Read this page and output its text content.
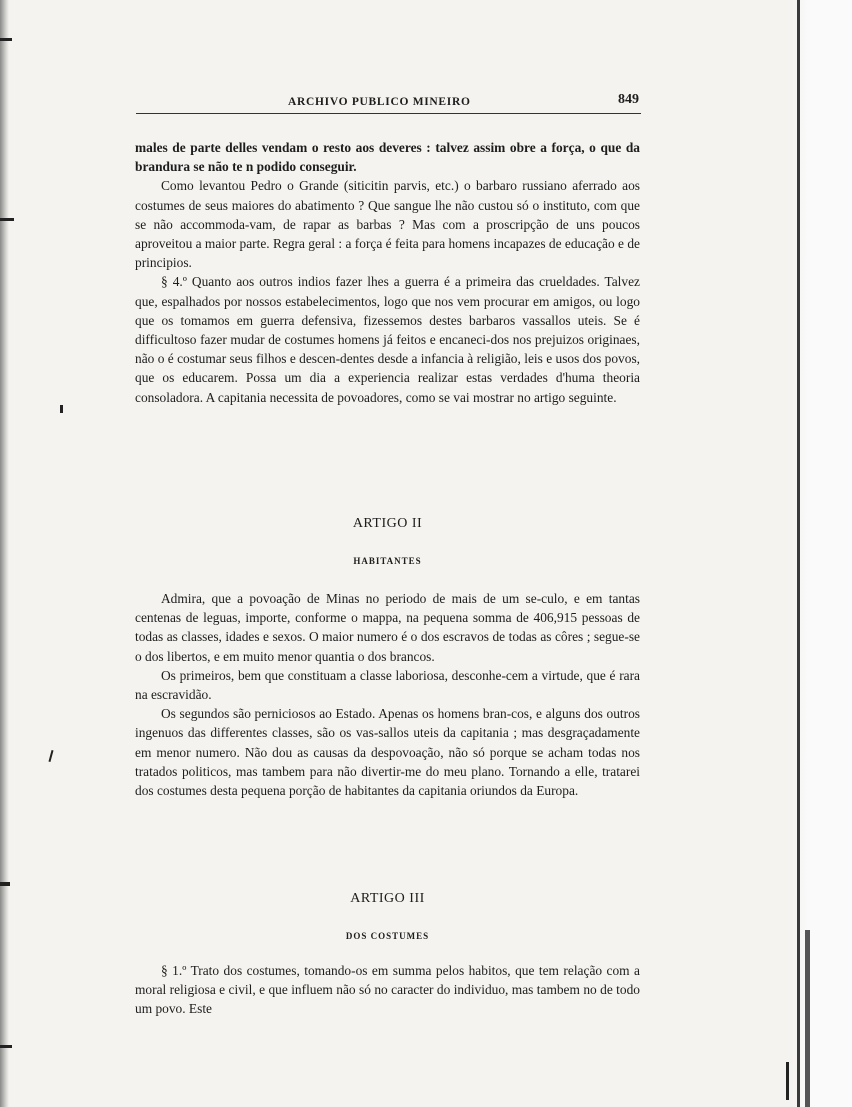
ARCHIVO PUBLICO MINEIRO	849

males de parte delles vendam o resto aos deveres : talvez assim obre a força, o que da brandura se não te n podido conseguir.

Como levantou Pedro o Grande (siticitin parvis, etc.) o barbaro russiano aferrado aos costumes de seus maiores do abatimento ? Que sangue lhe não custou só o instituto, com que se não accommoda-vam, de rapar as barbas ? Mas com a proscripção de uns poucos aproveitou a maior parte. Regra geral : a força é feita para homens incapazes de educação e de principios.

§ 4.º Quanto aos outros indios fazer lhes a guerra é a primeira das crueldades. Talvez que, espalhados por nossos estabelecimentos, logo que nos vem procurar em amigos, ou logo que os tomamos em guerra defensiva, fizessemos destes barbaros vassallos uteis. Se é difficultoso fazer mudar de costumes homens já feitos e encaneci-dos nos prejuizos originaes, não o é costumar seus filhos e descen-dentes desde a infancia à religião, leis e usos dos povos, que os educarem. Possa um dia a experiencia realizar estas verdades d'huma theoria consoladora. A capitania necessita de povoadores, como se vai mostrar no artigo seguinte.

ARTIGO II

HABITANTES

Admira, que a povoação de Minas no periodo de mais de um se-culo, e em tantas centenas de leguas, importe, conforme o mappa, na pequena somma de 406,915 pessoas de todas as classes, idades e sexos. O maior numero é o dos escravos de todas as côres ; segue-se o dos libertos, e em muito menor quantia o dos brancos.

Os primeiros, bem que constituam a classe laboriosa, desconhe-cem a virtude, que é rara na escravidão.

Os segundos são perniciosos ao Estado. Apenas os homens bran-cos, e alguns dos outros ingenuos das differentes classes, são os vas-sallos uteis da capitania ; mas desgraçadamente em menor numero. Não dou as causas da despovoação, não só porque se acham todas nos tratados politicos, mas tambem para não divertir-me do meu plano. Tornando a elle, tratarei dos costumes desta pequena porção de habitantes da capitania oriundos da Europa.

ARTIGO III

DOS COSTUMES

§ 1.º Trato dos costumes, tomando-os em summa pelos habitos, que tem relação com a moral religiosa e civil, e que influem não só no caracter do individuo, mas tambem no de todo um povo. Este
